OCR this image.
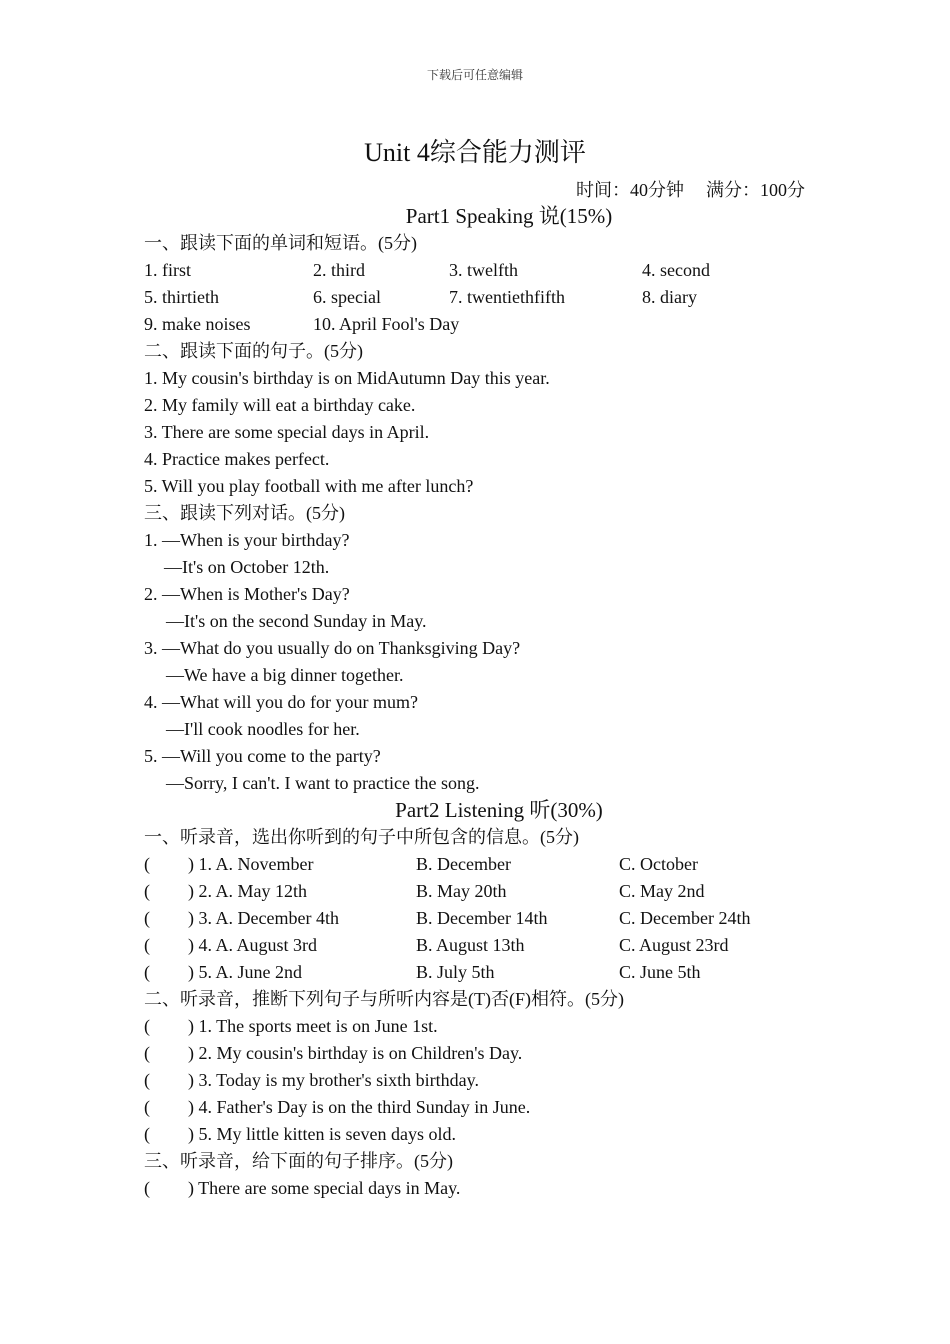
下载后可任意编辑
Unit 4综合能力测评
时间：40分钟 满分：100分
Part1 Speaking 说(15%)
一、跟读下面的单词和短语。(5分)
1. first	2. third	3. twelfth	4. second
5. thirtieth	6. special	7. twentiethfifth	8. diary
9. make noises	10. April Fool's Day
二、跟读下面的句子。(5分)
1. My cousin's birthday is on MidAutumn Day this year.
2. My family will eat a birthday cake.
3. There are some special days in April.
4. Practice makes perfect.
5. Will you play football with me after lunch?
三、跟读下列对话。(5分)
1. —When is your birthday?
—It's on October 12th.
2. —When is Mother's Day?
—It's on the second Sunday in May.
3. —What do you usually do on Thanksgiving Day?
—We have a big dinner together.
4. —What will you do for your mum?
—I'll cook noodles for her.
5. —Will you come to the party?
—Sorry, I can't. I want to practice the song.
Part2 Listening 听(30%)
一、听录音，选出你听到的句子中所包含的信息。(5分)
( ) 1. A. November	B. December	C. October
( ) 2. A. May 12th	B. May 20th	C. May 2nd
( ) 3. A. December 4th	B. December 14th	C. December 24th
( ) 4. A. August 3rd	B. August 13th	C. August 23rd
( ) 5. A. June 2nd	B. July 5th	C. June 5th
二、听录音，推断下列句子与所听内容是(T)否(F)相符。(5分)
( ) 1. The sports meet is on June 1st.
( ) 2. My cousin's birthday is on Children's Day.
( ) 3. Today is my brother's sixth birthday.
( ) 4. Father's Day is on the third Sunday in June.
( ) 5. My little kitten is seven days old.
三、听录音，给下面的句子排序。(5分)
( ) There are some special days in May.
